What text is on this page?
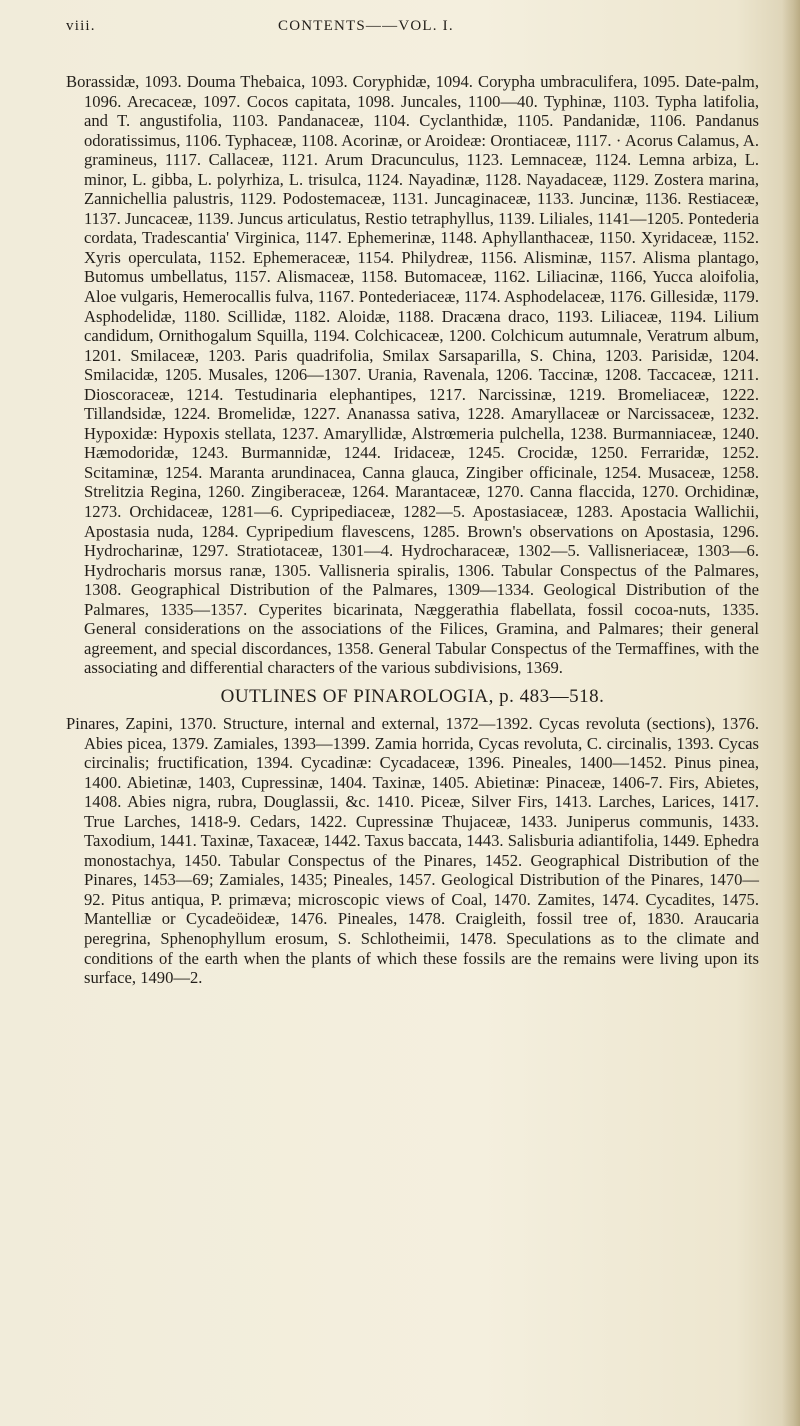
viii.	CONTENTS——VOL. I.

Borassidæ, 1093. Douma Thebaica, 1093. Coryphidæ, 1094. Corypha umbraculifera, 1095. Date-palm, 1096. Arecaceæ, 1097. Cocos capitata, 1098. Juncales, 1100—40. Typhinæ, 1103. Typha latifolia, and T. angustifolia, 1103. Pandanaceæ, 1104. Cyclanthidæ, 1105. Pandanidæ, 1106. Pandanus odoratissimus, 1106. Typhaceæ, 1108. Acorinæ, or Aroideæ: Orontiaceæ, 1117. · Acorus Calamus, A. gramineus, 1117. Callaceæ, 1121. Arum Dracunculus, 1123. Lemnaceæ, 1124. Lemna arbiza, L. minor, L. gibba, L. polyrhiza, L. trisulca, 1124. Nayadinæ, 1128. Nayadaceæ, 1129. Zostera marina, Zannichellia palustris, 1129. Podostemaceæ, 1131. Juncaginaceæ, 1133. Juncinæ, 1136. Restiaceæ, 1137. Juncaceæ, 1139. Juncus articulatus, Restio tetraphyllus, 1139. Liliales, 1141—1205. Pontederia cordata, Tradescantia' Virginica, 1147. Ephemerinæ, 1148. Aphyllanthaceæ, 1150. Xyridaceæ, 1152. Xyris operculata, 1152. Ephemeraceæ, 1154. Philydreæ, 1156. Alisminæ, 1157. Alisma plantago, Butomus umbellatus, 1157. Alismaceæ, 1158. Butomaceæ, 1162. Liliacinæ, 1166, Yucca aloifolia, Aloe vulgaris, Hemerocallis fulva, 1167. Pontederiaceæ, 1174. Asphodelaceæ, 1176. Gillesidæ, 1179. Asphodelidæ, 1180. Scillidæ, 1182. Aloidæ, 1188. Dracæna draco, 1193. Liliaceæ, 1194. Lilium candidum, Ornithogalum Squilla, 1194. Colchicaceæ, 1200. Colchicum autumnale, Veratrum album, 1201. Smilaceæ, 1203. Paris quadrifolia, Smilax Sarsaparilla, S. China, 1203. Parisidæ, 1204. Smilacidæ, 1205. Musales, 1206—1307. Urania, Ravenala, 1206. Taccinæ, 1208. Taccaceæ, 1211. Dioscoraceæ, 1214. Testudinaria elephantipes, 1217. Narcissinæ, 1219. Bromeliaceæ, 1222. Tillandsidæ, 1224. Bromelidæ, 1227. Ananassa sativa, 1228. Amaryllaceæ or Narcissaceæ, 1232. Hypoxidæ: Hypoxis stellata, 1237. Amaryllidæ, Alstrœmeria pulchella, 1238. Burmanniaceæ, 1240. Hæmodoridæ, 1243. Burmannidæ, 1244. Iridaceæ, 1245. Crocidæ, 1250. Ferraridæ, 1252. Scitaminæ, 1254. Maranta arundinacea, Canna glauca, Zingiber officinale, 1254. Musaceæ, 1258. Strelitzia Regina, 1260. Zingiberaceæ, 1264. Marantaceæ, 1270. Canna flaccida, 1270. Orchidinæ, 1273. Orchidaceæ, 1281—6. Cypripediaceæ, 1282—5. Apostasiaceæ, 1283. Apostacia Wallichii, Apostasia nuda, 1284. Cypripedium flavescens, 1285. Brown's observations on Apostasia, 1296. Hydrocharinæ, 1297. Stratiotaceæ, 1301—4. Hydrocharaceæ, 1302—5. Vallisneriaceæ, 1303—6. Hydrocharis morsus ranæ, 1305. Vallisneria spiralis, 1306. Tabular Conspectus of the Palmares, 1308. Geographical Distribution of the Palmares, 1309—1334. Geological Distribution of the Palmares, 1335—1357. Cyperites bicarinata, Næggerathia flabellata, fossil cocoa-nuts, 1335. General considerations on the associations of the Filices, Gramina, and Palmares; their general agreement, and special discordances, 1358. General Tabular Conspectus of the Termaffines, with the associating and differential characters of the various subdivisions, 1369.

OUTLINES OF PINAROLOGIA, p. 483—518.

Pinares, Zapini, 1370. Structure, internal and external, 1372—1392. Cycas revoluta (sections), 1376. Abies picea, 1379. Zamiales, 1393—1399. Zamia horrida, Cycas revoluta, C. circinalis, 1393. Cycas circinalis; fructification, 1394. Cycadinæ: Cycadaceæ, 1396. Pineales, 1400—1452. Pinus pinea, 1400. Abietinæ, 1403, Cupressinæ, 1404. Taxinæ, 1405. Abietinæ: Pinaceæ, 1406-7. Firs, Abietes, 1408. Abies nigra, rubra, Douglassii, &c. 1410. Piceæ, Silver Firs, 1413. Larches, Larices, 1417. True Larches, 1418-9. Cedars, 1422. Cupressinæ Thujaceæ, 1433. Juniperus communis, 1433. Taxodium, 1441. Taxinæ, Taxaceæ, 1442. Taxus baccata, 1443. Salisburia adiantifolia, 1449. Ephedra monostachya, 1450. Tabular Conspectus of the Pinares, 1452. Geographical Distribution of the Pinares, 1453—69; Zamiales, 1435; Pineales, 1457. Geological Distribution of the Pinares, 1470—92. Pitus antiqua, P. primæva; microscopic views of Coal, 1470. Zamites, 1474. Cycadites, 1475. Mantelliæ or Cycadeöideæ, 1476. Pineales, 1478. Craigleith, fossil tree of, 1830. Araucaria peregrina, Sphenophyllum erosum, S. Schlotheimii, 1478. Speculations as to the climate and conditions of the earth when the plants of which these fossils are the remains were living upon its surface, 1490—2.
